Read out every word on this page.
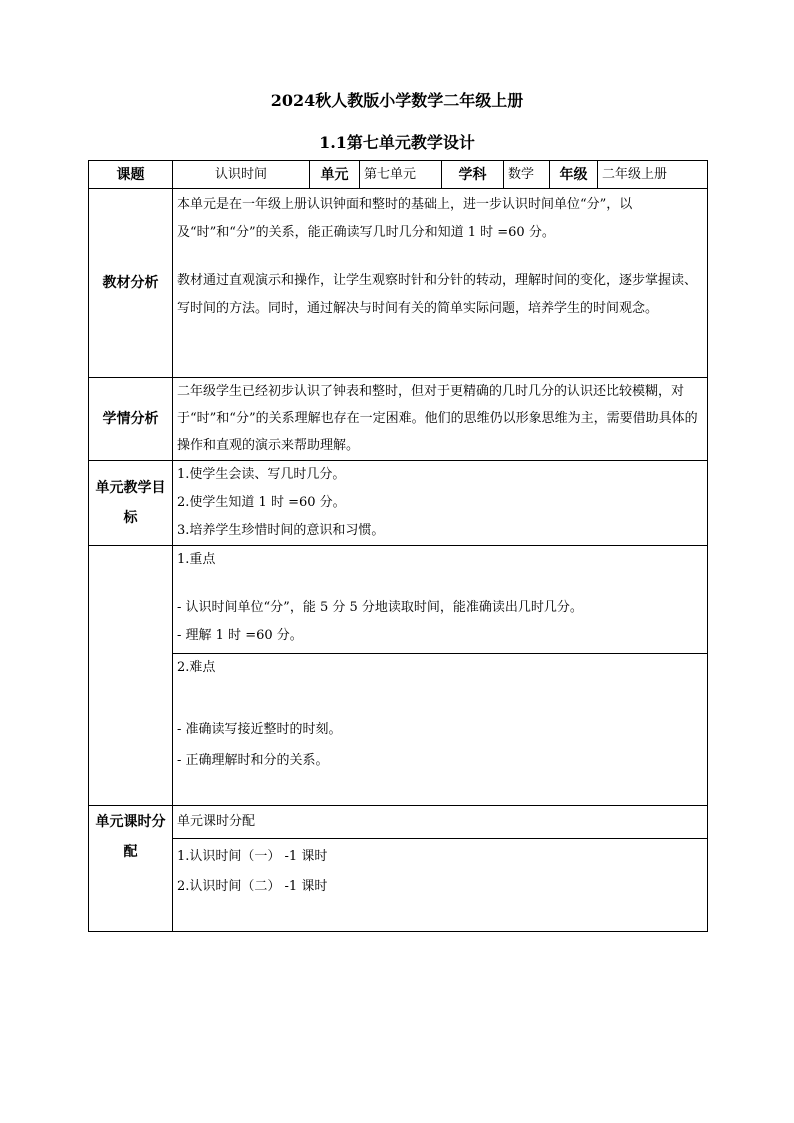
2024秋人教版小学数学二年级上册
1.1第七单元教学设计
课题	认识时间	单元	第七单元	学科	数学	年级	二年级上册
教材分析	本单元是在一年级上册认识钟面和整时的基础上，进一步认识时间单位“分”，以及“时”和“分”的关系，能正确读写几时几分和知道 1 时 =60 分。

教材通过直观演示和操作，让学生观察时针和分针的转动，理解时间的变化，逐步掌握读、写时间的方法。同时，通过解决与时间有关的简单实际问题，培养学生的时间观念。						

学情分析	二年级学生已经初步认识了钟表和整时，但对于更精确的几时几分的认识还比较模糊，对于“时”和“分”的关系理解也存在一定困难。他们的思维仍以形象思维为主，需要借助具体的操作和直观的演示来帮助理解。						

单元教学目标	1.使学生会读、写几时几分。
2.使学生知道 1 时 =60 分。
3.培养学生珍惜时间的意识和习惯。						

	1.重点
- 认识时间单位“分”，能 5 分 5 分地读取时间，能准确读出几时几分。
- 理解 1 时 =60 分。						

	2.难点
- 准确读写接近整时的时刻。
- 正确理解时和分的关系。						

单元课时分配	单元课时分配						

	1.认识时间（一） -1 课时
2.认识时间（二） -1 课时						
